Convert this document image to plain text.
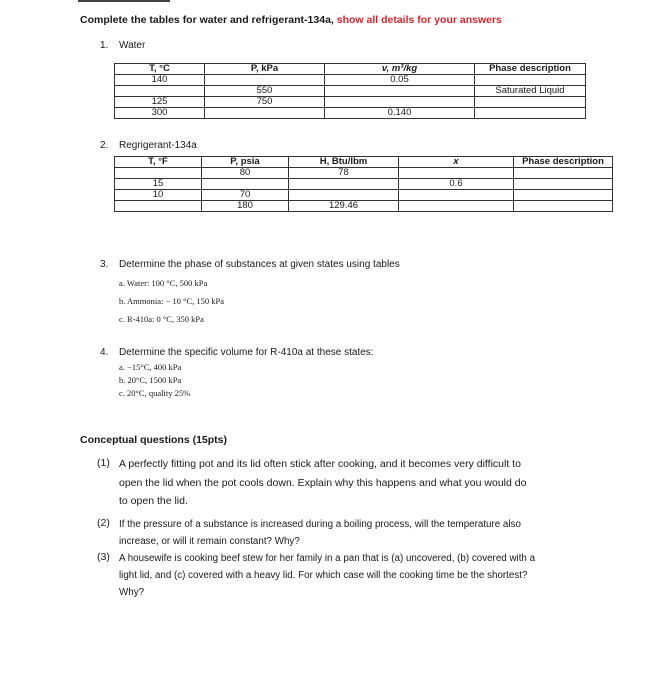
Complete the tables for water and refrigerant-134a, show all details for your answers
1. Water
T, °C	P, kPa	v, m³/kg	Phase description
140		0.05	
	550		Saturated Liquid
125	750		
300		0.140	
2. Regrigerant-134a
T, °F	P, psia	H, Btu/lbm	x	Phase description
	80	78		
15			0.6	
10	70			
	180	129.46		
3. Determine the phase of substances at given states using tables
a. Water: 100 °C, 500 kPa
b. Ammonia: − 10 °C, 150 kPa
c. R-410a: 0 °C, 350 kPa
4. Determine the specific volume for R-410a at these states:
a. −15°C, 400 kPa
b. 20°C, 1500 kPa
c. 20°C, quality 25%
Conceptual questions (15pts)
(1) A perfectly fitting pot and its lid often stick after cooking, and it becomes very difficult to
open the lid when the pot cools down. Explain why this happens and what you would do
to open the lid.
(2) If the pressure of a substance is increased during a boiling process, will the temperature also
increase, or will it remain constant? Why?
(3) A housewife is cooking beef stew for her family in a pan that is (a) uncovered, (b) covered with a
light lid, and (c) covered with a heavy lid. For which case will the cooking time be the shortest?
Why?
